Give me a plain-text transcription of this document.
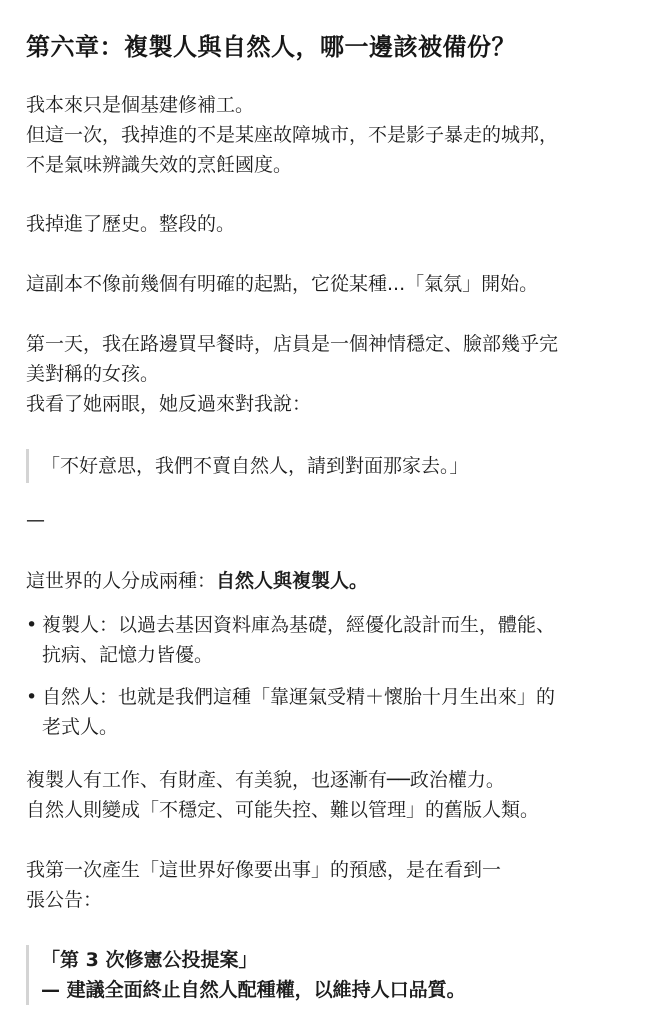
第六章：複製人與自然人，哪一邊該被備份？

我本來只是個基建修補工。
但這一次，我掉進的不是某座故障城市，不是影子暴走的城邦，
不是氣味辨識失效的烹飪國度。

我掉進了歷史。整段的。

這副本不像前幾個有明確的起點，它從某種...「氣氛」開始。

第一天，我在路邊買早餐時，店員是一個神情穩定、臉部幾乎完
美對稱的女孩。
我看了她兩眼，她反過來對我說：

「不好意思，我們不賣自然人，請到對面那家去。」
—

這世界的人分成兩種：自然人與複製人。

• 複製人：以過去基因資料庫為基礎，經優化設計而生，體能、
抗病、記憶力皆優。
• 自然人：也就是我們這種「靠運氣受精＋懷胎十月生出來」的
老式人。

複製人有工作、有財產、有美貌，也逐漸有──政治權力。
自然人則變成「不穩定、可能失控、難以管理」的舊版人類。

我第一次產生「這世界好像要出事」的預感，是在看到一
張公告：

「第 3 次修憲公投提案」
— 建議全面終止自然人配種權，以維持人口品質。
